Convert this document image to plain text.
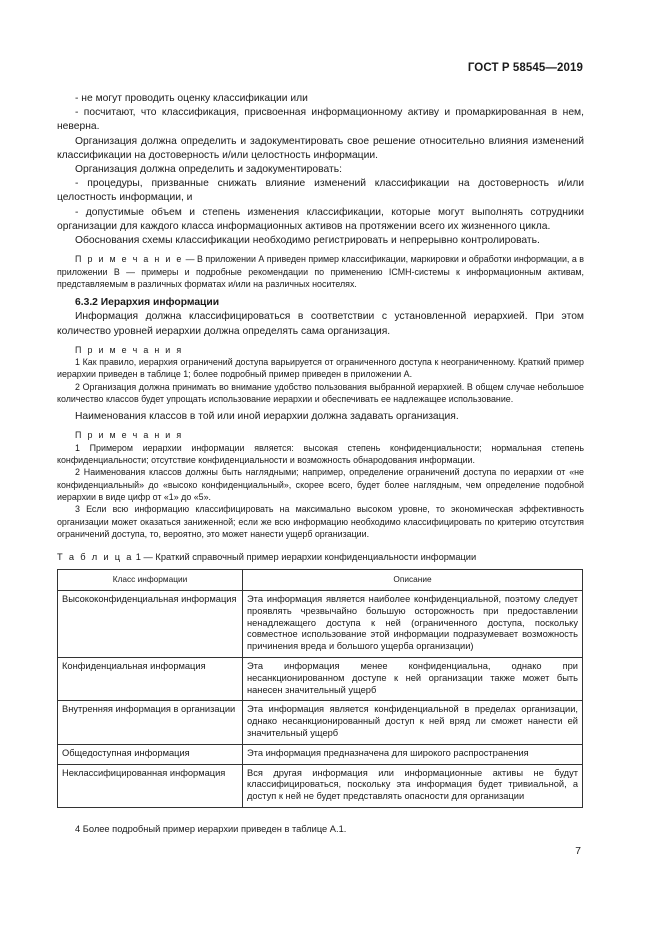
ГОСТ Р 58545—2019

- не могут проводить оценку классификации или

- посчитают, что классификация, присвоенная информационному активу и промаркированная в нем, неверна.

Организация должна определить и задокументировать свое решение относительно влияния изменений классификации на достоверность и/или целостность информации.

Организация должна определить и задокументировать:

- процедуры, призванные снижать влияние изменений классификации на достоверность и/или целостность информации, и

- допустимые объем и степень изменения классификации, которые могут выполнять сотрудники организации для каждого класса информационных активов на протяжении всего их жизненного цикла.

Обоснования схемы классификации необходимо регистрировать и непрерывно контролировать.

П р и м е ч а н и е — В приложении А приведен пример классификации, маркировки и обработки информации, а в приложении В — примеры и подробные рекомендации по применению ICMH-системы к информационным активам, представляемым в различных форматах и/или на различных носителях.

6.3.2 Иерархия информации

Информация должна классифицироваться в соответствии с установленной иерархией. При этом количество уровней иерархии должна определять сама организация.

П р и м е ч а н и я

1 Как правило, иерархия ограничений доступа варьируется от ограниченного доступа к неограниченному. Краткий пример иерархии приведен в таблице 1; более подробный пример приведен в приложении А.

2 Организация должна принимать во внимание удобство пользования выбранной иерархией. В общем случае небольшое количество классов будет упрощать использование иерархии и обеспечивать ее надлежащее использование.

Наименования классов в той или иной иерархии должна задавать организация.

П р и м е ч а н и я

1 Примером иерархии информации является: высокая степень конфиденциальности; нормальная степень конфиденциальности; отсутствие конфиденциальности и возможность обнародования информации.

2 Наименования классов должны быть наглядными; например, определение ограничений доступа по иерархии от «не конфиденциальный» до «высоко конфиденциальный», скорее всего, будет более наглядным, чем определение подобной иерархии в виде цифр от «1» до «5».

3 Если всю информацию классифицировать на максимально высоком уровне, то экономическая эффективность организации может оказаться заниженной; если же всю информацию необходимо классифицировать по критерию отсутствия ограничений доступа, то, вероятно, это может нанести ущерб организации.

Т а б л и ц а 1 — Краткий справочный пример иерархии конфиденциальности информации

Класс информации	Описание
Высококонфиденциальная информация	Эта информация является наиболее конфиденциальной, поэтому следует проявлять чрезвычайно большую осторожность при предоставлении ненадлежащего доступа к ней (ограниченного доступа, поскольку совместное использование этой информации подразумевает возможность причинения вреда и большого ущерба организации)
Конфиденциальная информация	Эта информация менее конфиденциальна, однако при несанкционированном доступе к ней организации также может быть нанесен значительный ущерб
Внутренняя информация в организации	Эта информация является конфиденциальной в пределах организации, однако несанкционированный доступ к ней вряд ли сможет нанести ей значительный ущерб
Общедоступная информация	Эта информация предназначена для широкого распространения
Неклассифицированная информация	Вся другая информация или информационные активы не будут классифицироваться, поскольку эта информация будет тривиальной, а доступ к ней не будет представлять опасности для организации

4 Более подробный пример иерархии приведен в таблице А.1.

7
